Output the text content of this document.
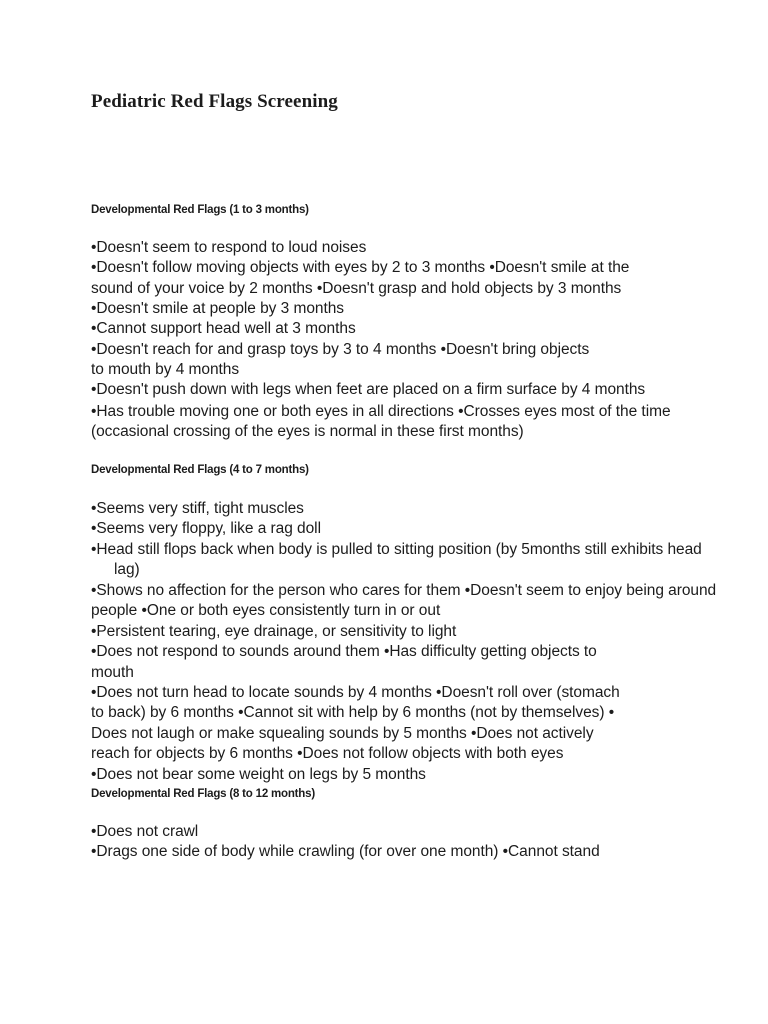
Pediatric Red Flags Screening
Developmental Red Flags (1 to 3 months)

•Doesn't seem to respond to loud noises

•Doesn't follow moving objects with eyes by 2 to 3 months •Doesn't smile at the

sound of your voice by 2 months •Doesn't grasp and hold objects by 3 months

•Doesn't smile at people by 3 months

•Cannot support head well at 3 months

•Doesn't reach for and grasp toys by 3 to 4 months •Doesn't bring objects

to mouth by 4 months

•Doesn't push down with legs when feet are placed on a firm surface by 4 months

•Has trouble moving one or both eyes in all directions •Crosses eyes most of the time

(occasional crossing of the eyes is normal in these first months)

Developmental Red Flags (4 to 7 months)

•Seems very stiff, tight muscles

•Seems very floppy, like a rag doll

•Head still flops back when body is pulled to sitting position (by 5months still exhibits head

lag)

•Shows no affection for the person who cares for them •Doesn't seem to enjoy being around

people •One or both eyes consistently turn in or out

•Persistent tearing, eye drainage, or sensitivity to light

•Does not respond to sounds around them •Has difficulty getting objects to

mouth

•Does not turn head to locate sounds by 4 months •Doesn't roll over (stomach

to back) by 6 months •Cannot sit with help by 6 months (not by themselves) •

Does not laugh or make squealing sounds by 5 months •Does not actively

reach for objects by 6 months •Does not follow objects with both eyes

•Does not bear some weight on legs by 5 months

Developmental Red Flags (8 to 12 months)

•Does not crawl

•Drags one side of body while crawling (for over one month) •Cannot stand
